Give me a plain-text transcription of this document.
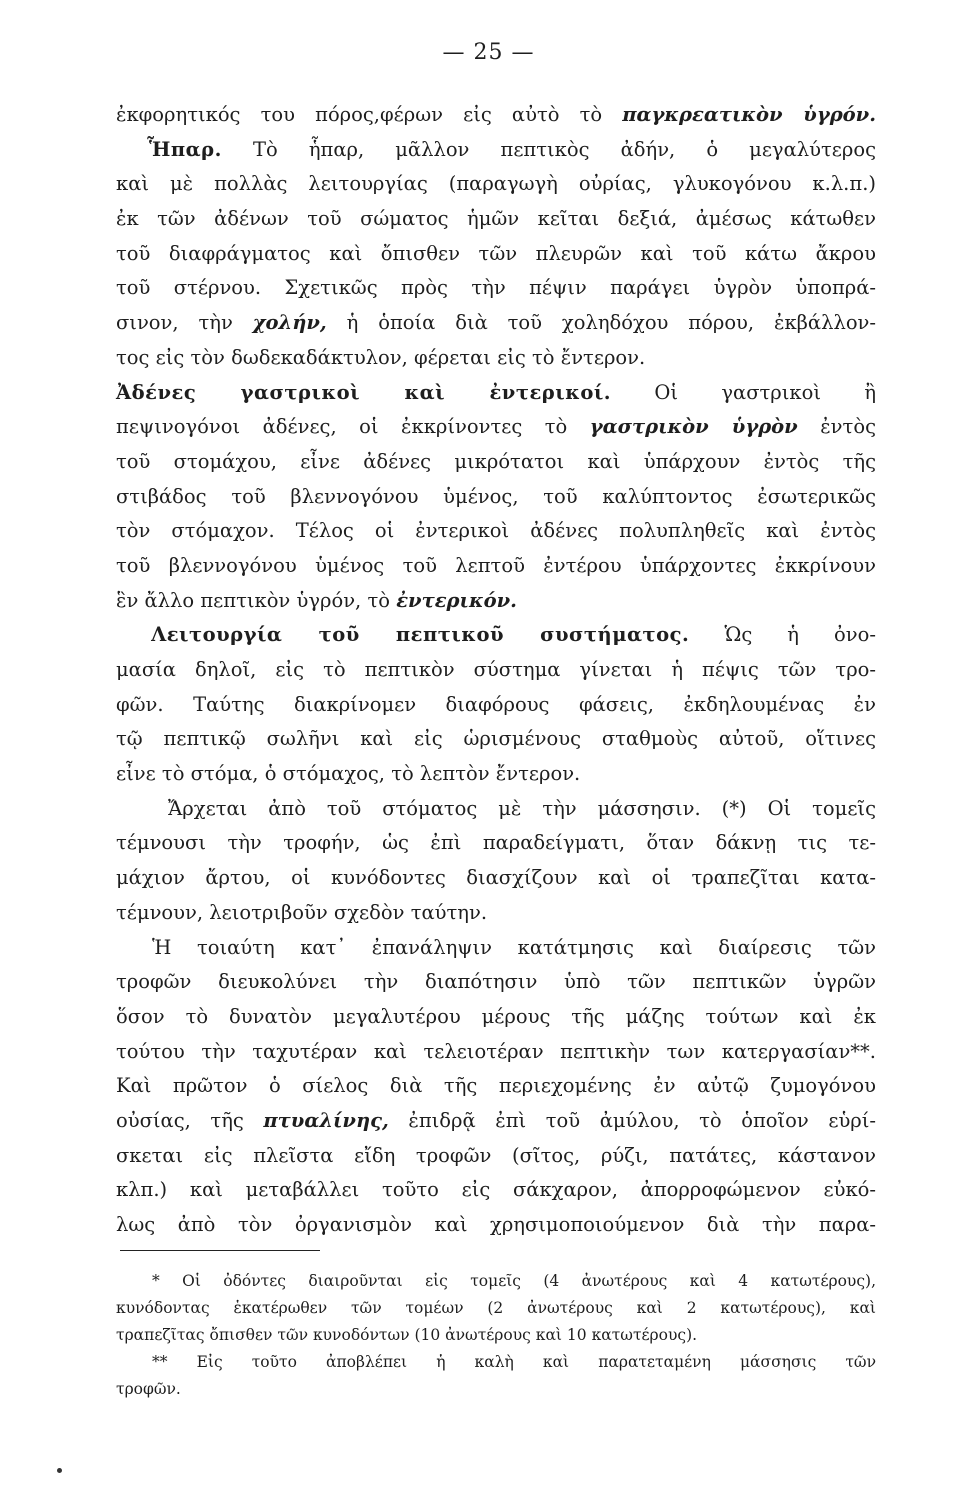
— 25 —
ἐκφορητικός του πόρος,φέρων εἰς αὐτὸ τὸ παγκρεατικὸν ὑγρόν.
Ἧπαρ. Τὸ ἧπαρ, μᾶλλον πεπτικὸς ἀδήν, ὁ μεγαλύτερος
καὶ μὲ πολλὰς λειτουργίας (παραγωγὴ οὐρίας, γλυκογόνου κ.λ.π.)
ἐκ τῶν ἀδένων τοῦ σώματος ἡμῶν κεῖται δεξιά, ἀμέσως κάτωθεν
τοῦ διαφράγματος καὶ ὄπισθεν τῶν πλευρῶν καὶ τοῦ κάτω ἄκρου
τοῦ στέρνου. Σχετικῶς πρὸς τὴν πέψιν παράγει ὑγρὸν ὑποπρά-
σινον, τὴν χολήν, ἡ ὁποία διὰ τοῦ χοληδόχου πόρου, ἐκβάλλον-
τος εἰς τὸν δωδεκαδάκτυλον, φέρεται εἰς τὸ ἔντερον.
Ἀδένες γαστρικοὶ καὶ ἐντερικοί. Οἱ γαστρικοὶ ἢ
πεψινογόνοι ἀδένες, οἱ ἐκκρίνοντες τὸ γαστρικὸν ὑγρὸν ἐντὸς
τοῦ στομάχου, εἶνε ἀδένες μικρότατοι καὶ ὑπάρχουν ἐντὸς τῆς
στιβάδος τοῦ βλεννογόνου ὑμένος, τοῦ καλύπτοντος ἐσωτερικῶς
τὸν στόμαχον. Τέλος οἱ ἐντερικοὶ ἀδένες πολυπληθεῖς καὶ ἐντὸς
τοῦ βλεννογόνου ὑμένος τοῦ λεπτοῦ ἐντέρου ὑπάρχοντες ἐκκρίνουν
ἓν ἄλλο πεπτικὸν ὑγρόν, τὸ ἐντερικόν.
Λειτουργία τοῦ πεπτικοῦ συστήματος. Ὡς ἡ ὀνο-
μασία δηλοῖ, εἰς τὸ πεπτικὸν σύστημα γίνεται ἡ πέψις τῶν τρο-
φῶν. Ταύτης διακρίνομεν διαφόρους φάσεις, ἐκδηλουμένας ἐν
τῷ πεπτικῷ σωλῆνι καὶ εἰς ὡρισμένους σταθμοὺς αὐτοῦ, οἵτινες
εἶνε τὸ στόμα, ὁ στόμαχος, τὸ λεπτὸν ἔντερον.
Ἄρχεται ἀπὸ τοῦ στόματος μὲ τὴν μάσσησιν. (*) Οἱ τομεῖς
τέμνουσι τὴν τροφήν, ὡς ἐπὶ παραδείγματι, ὅταν δάκνῃ τις τε-
μάχιον ἄρτου, οἱ κυνόδοντες διασχίζουν καὶ οἱ τραπεζῖται κατα-
τέμνουν, λειοτριβοῦν σχεδὸν ταύτην.
Ἡ τοιαύτη κατ᾽ ἐπανάληψιν κατάτμησις καὶ διαίρεσις τῶν
τροφῶν διευκολύνει τὴν διαπότησιν ὑπὸ τῶν πεπτικῶν ὑγρῶν
ὅσον τὸ δυνατὸν μεγαλυτέρου μέρους τῆς μάζης τούτων καὶ ἐκ
τούτου τὴν ταχυτέραν καὶ τελειοτέραν πεπτικὴν των κατεργασίαν**.
Καὶ πρῶτον ὁ σίελος διὰ τῆς περιεχομένης ἐν αὐτῷ ζυμογόνου
οὐσίας, τῆς πτυαλίνης, ἐπιδρᾷ ἐπὶ τοῦ ἀμύλου, τὸ ὁποῖον εὑρί-
σκεται εἰς πλεῖστα εἴδη τροφῶν (σῖτος, ρύζι, πατάτες, κάστανον
κλπ.) καὶ μεταβάλλει τοῦτο εἰς σάκχαρον, ἀπορροφώμενον εὐκό-
λως ἀπὸ τὸν ὀργανισμὸν καὶ χρησιμοποιούμενον διὰ τὴν παρα-
* Οἱ ὀδόντες διαιροῦνται εἰς τομεῖς (4 ἀνωτέρους καὶ 4 κατωτέρους),
κυνόδοντας ἑκατέρωθεν τῶν τομέων (2 ἀνωτέρους καὶ 2 κατωτέρους), καὶ
τραπεζῖτας ὄπισθεν τῶν κυνοδόντων (10 ἀνωτέρους καὶ 10 κατωτέρους).
** Εἰς τοῦτο ἀποβλέπει ἡ καλὴ καὶ παρατεταμένη μάσσησις τῶν
τροφῶν.
